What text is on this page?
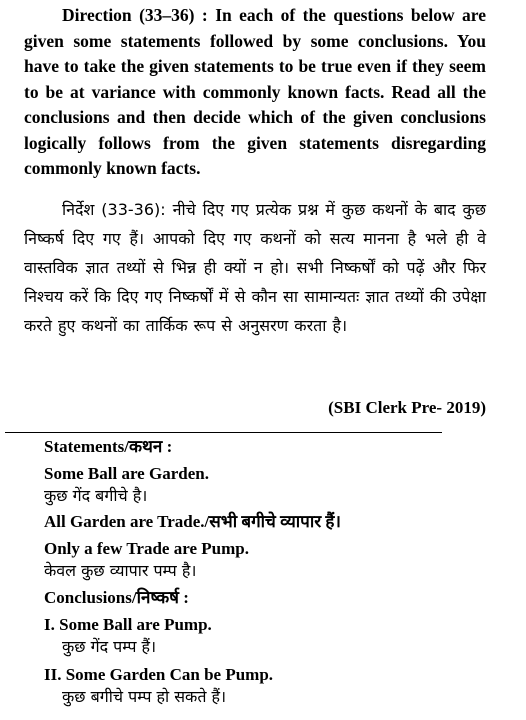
Direction (33–36) : In each of the questions below are given some statements followed by some conclusions. You have to take the given statements to be true even if they seem to be at variance with commonly known facts. Read all the conclusions and then decide which of the given conclusions logically follows from the given statements disregarding commonly known facts.
निर्देश (33-36): नीचे दिए गए प्रत्येक प्रश्न में कुछ कथनों के बाद कुछ निष्कर्ष दिए गए हैं। आपको दिए गए कथनों को सत्य मानना है भले ही वे वास्तविक ज्ञात तथ्यों से भिन्न ही क्यों न हो। सभी निष्कर्षों को पढ़ें और फिर निश्चय करें कि दिए गए निष्कर्षों में से कौन सा सामान्यतः ज्ञात तथ्यों की उपेक्षा करते हुए कथनों का तार्किक रूप से अनुसरण करता है।
(SBI Clerk Pre- 2019)
Statements/कथन :
Some Ball are Garden.
कुछ गेंद बगीचे है।
All Garden are Trade./सभी बगीचे व्यापार हैं।
Only a few Trade are Pump.
केवल कुछ व्यापार पम्प है।
Conclusions/निष्कर्ष :
I. Some Ball are Pump.
कुछ गेंद पम्प हैं।
II. Some Garden Can be Pump.
कुछ बगीचे पम्प हो सकते हैं।
